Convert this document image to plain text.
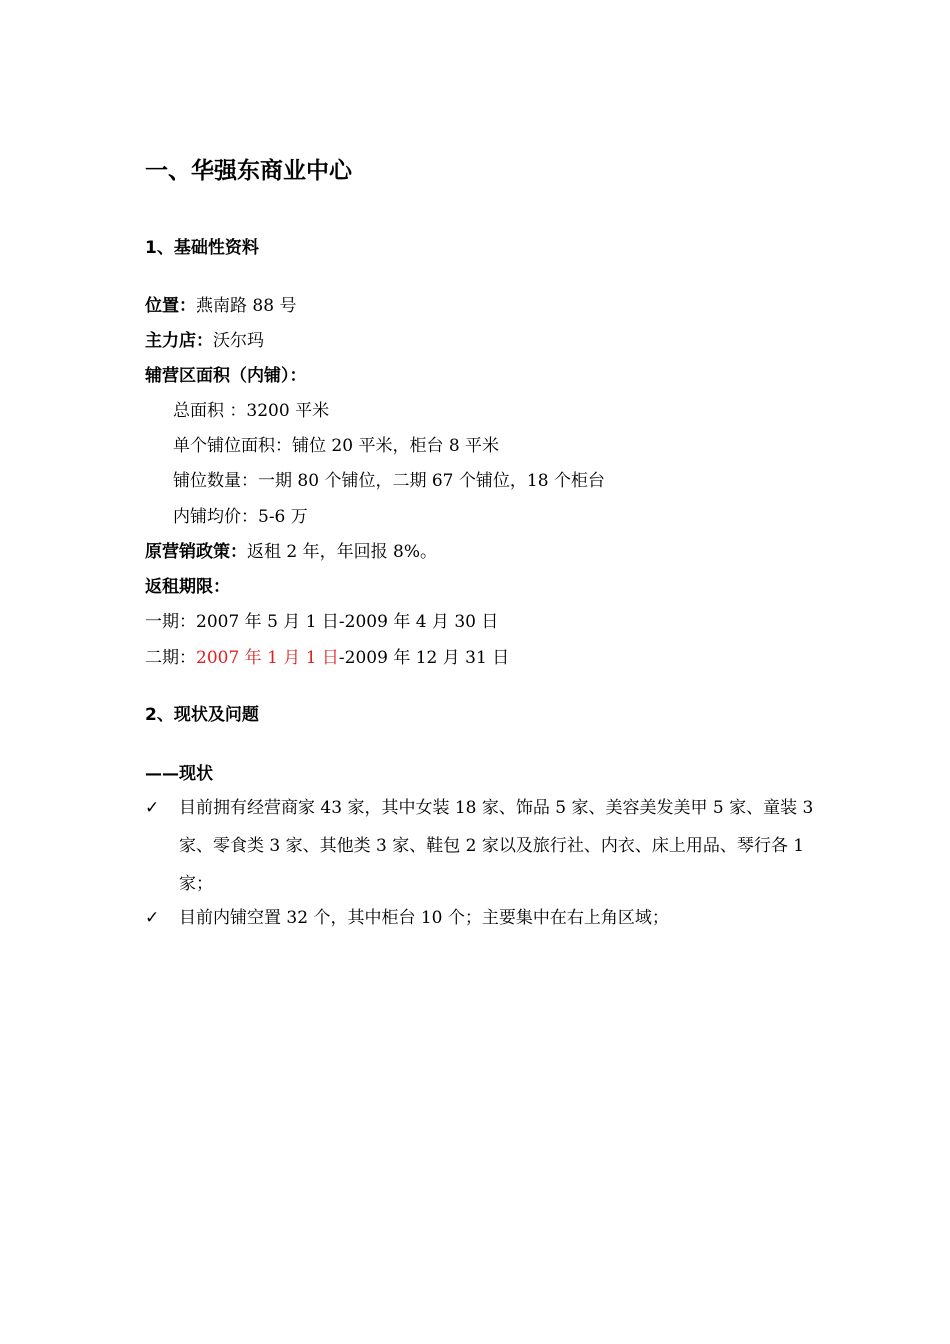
一、华强东商业中心
1、基础性资料
位置：燕南路 88 号
主力店：沃尔玛
辅营区面积（内铺）：
总面积 ：3200 平米
单个铺位面积：铺位 20 平米，柜台 8 平米
铺位数量：一期 80 个铺位，二期 67 个铺位，18 个柜台
内铺均价：5-6 万
原营销政策：返租 2 年，年回报 8%。
返租期限：
一期：2007 年 5 月 1 日-2009 年 4 月 30 日
二期：2007 年 1 月 1 日-2009 年 12 月 31 日
2、现状及问题
——现状
✓ 目前拥有经营商家 43 家，其中女装 18 家、饰品 5 家、美容美发美甲 5 家、童装 3 家、零食类 3 家、其他类 3 家、鞋包 2 家以及旅行社、内衣、床上用品、琴行各 1 家；
✓ 目前内铺空置 32 个，其中柜台 10 个；主要集中在右上角区域；
